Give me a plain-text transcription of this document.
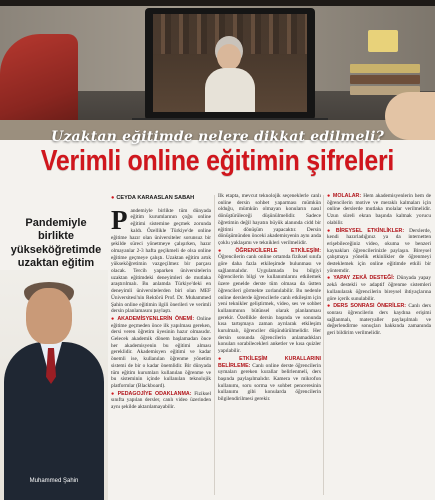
Uzaktan eğitimde nelere dikkat edilmeli?
Verimli online eğitimin şifreleri
Pandemiyle birlikte yükseköğretimde uzaktan eğitim
Muhammed Şahin
● CEYDA KARAASLAN SABAH

Pandemiyle birlikte tüm dünyada eğitim kurumlarının çoğu online eğitimi sistemine geçmek zorunda kaldı. Özellikle Türkiye'de online eğitime hazır olan üniversiteler sorunsuz bir şekilde süreci yönetmeye çalışırken, hazır olmayanlar 2-3 hafta geçikmeli de olsa online eğitime geçmeye çalıştı. Uzaktan eğitim artık yükseköğretimin vazgeçilmez bir parçası olacak. Tercih yaparken üniversitelerin uzaktan eğitimdeki deneyimleri de mutlaka araştırılmalı. Bu anlamda Türkiye'deki en deneyimli üniversitelerden biri olan MEF Üniversitesi'nin Rektörü Prof. Dr. Muhammed Şahin online eğitimin ilgili önerileri ve verimli dersin planlamasını paylaştı.

● AKADEMİSYENLERİN ÖNEMİ: Online eğitime geçmeden önce ilk yapılması gereken, dersi veren öğretim üyesinin hazır olmasıdır. Gelecek akademik dönem başlamadan önce her akademisyenin bu eğitimi alması gereklidir. Akademisyen eğitimi ve kadar önemli ise, kullanılan öğrenme yönetim sistemi de bir o kadar önemlidir. Bir dünyada tüm eğitim kurumları kullanılan öğrenme ve bu sisteminin içinde kullanılan teknolojik platformlar (Blackboard).

● PEDAGOJİYE ODAKLANMA: Fiziksel sınıfta yapılan dersler, canlı video üzerinden aynı şekilde aktarılamayabilir.

İlk etapta, mevcut teknolojik seçeneklerle canlı online dersin sohbet yaparması mümkün olduğu, mümkün olmayan konuların nasıl dönüştürüleceği düşünülmelidir. Sadece öğretimin değil hayatın büyük alanında cidd bir eğitimi dönüşüm yapacaktır. Dersin dönüşümünden önceki akademisyenin aynı anda çoklu yaklaşımı ve teknikleri verilmelidir.

● ÖĞRENCİLERLE ETKİLEŞİM: Öğrencilerin canlı online ortamda fiziksel sınıfa göre daha fazla etkileşimde bulunması ve sağlanmalıdır. Uygulamada bu bilgiyi öğrencilerin bilgi ve kullanımlarını etkilemek üzere genelde derste tüm olmasa da üstten öğrencileri görmekte zorlanılabilir. Bu nedenle online derslerde öğrencilerle canlı etkileşim için yeni teknikler geliştirmek, video, ses ve sohbet kullanımının bütünsel olarak planlanması gerekir. Özellikle dersin başında ve sonunda kısa tartışmaya zaman ayrılarak etkileşim kurulmalı, öğrenciler düşündürülmelidir. Her dersin sonunda öğrencilerin anlamadıkları konuları sorabilecekleri anketler ve kısa quizler yapılabilir.

● ETKİLEŞİM KURALLARINI BELİRLEME: Canlı online derste öğrencilerin uymaları gereken kurallar belirlenmeli, ders başında paylaşılmalıdır. Kamera ve mikrofon kullanımı, soru sorma ve sohbet penceresinin kullanımı gibi konularda öğrencilerin bilgilendirilmesi gerekir.

● MOLALAR: Hem akademisyenlerin hem de öğrencilerin motive ve meraklı kalmaları için online derslerde mutlaka molalar verilmelidir. Uzun süreli ekran başında kalmak yorucu olabilir.

● BİREYSEL ETKİNLİKLER: Derslerde, kendi hazırladığınız ya da internetten erişebileceğiniz video, okuma ve benzeri kaynakları öğrencilerinizle paylaşın. Bireysel çalışmaya yönelik etkinlikler de öğrenmeyi desteklemek için online eğitimde etkili bir yöntemdir.

● YAPAY ZEKÂ DESTEĞİ: Dünyada yapay zekâ destekli ve adaptif öğrenme sistemleri kullanılarak öğrencilerin bireysel ihtiyaçlarına göre içerik sunulabilir.

● DERS SONRASI ÖNERİLER: Canlı ders sonrası öğrencilerin ders kaydına erişimi sağlanmalı, materyaller paylaşılmalı ve değerlendirme sonuçları hakkında zamanında geri bildirim verilmelidir.
